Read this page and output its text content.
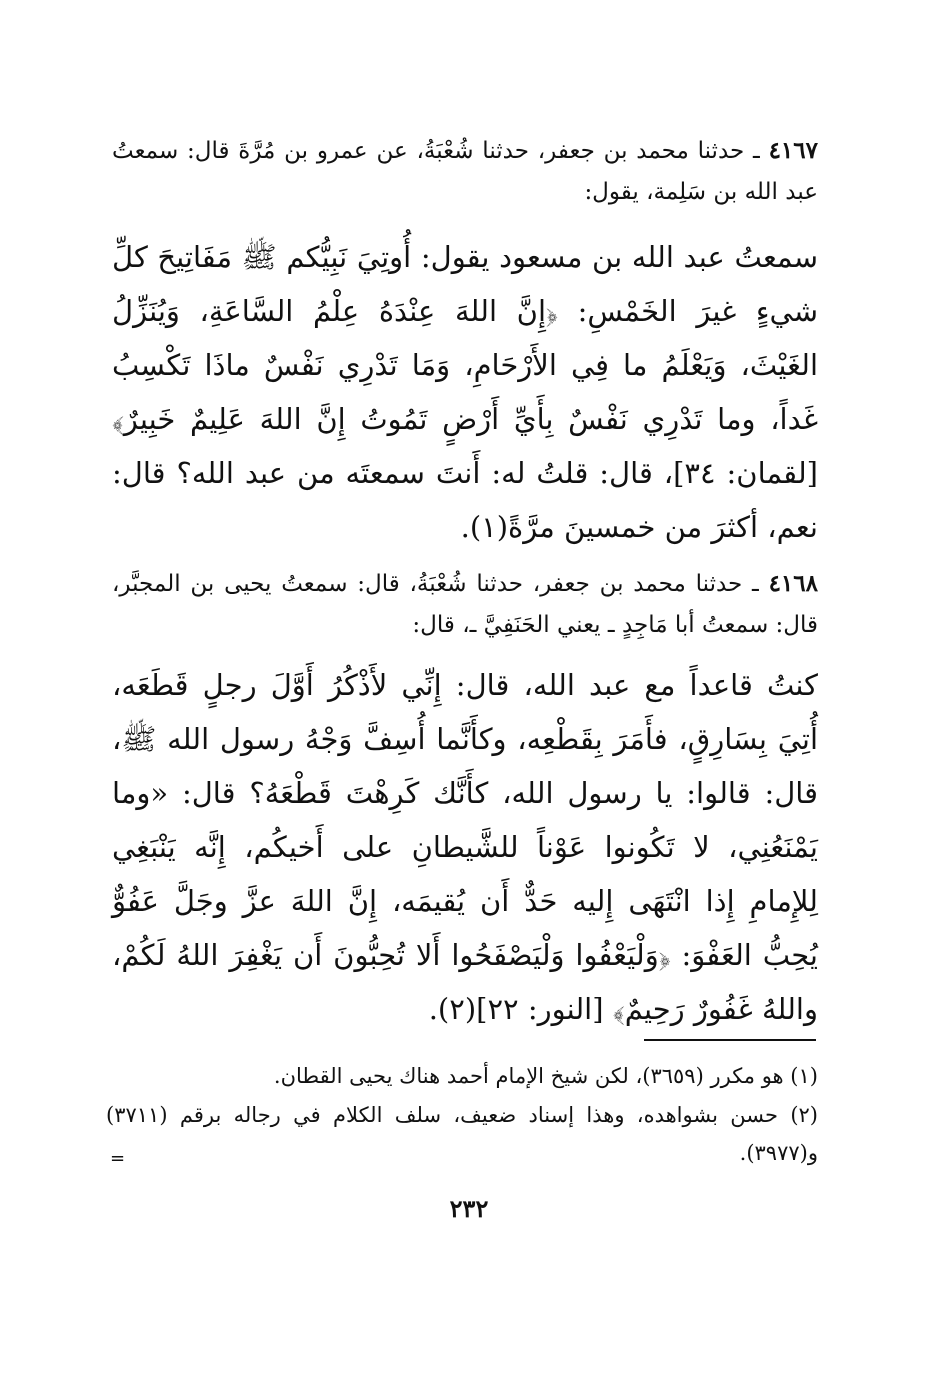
٤١٦٧ ـ حدثنا محمد بن جعفر، حدثنا شُعْبَةُ، عن عمرو بن مُرَّةَ قال: سمعتُ عبد الله بن سَلِمة، يقول:
سمعتُ عبد الله بن مسعود يقول: أُوتِيَ نَبِيُّكم ﷺ مَفَاتِيحَ كلِّ شيءٍ غيرَ الخَمْسِ: ﴿إِنَّ اللهَ عِنْدَهُ عِلْمُ السَّاعَةِ، وَيُنَزِّلُ الغَيْثَ، وَيَعْلَمُ ما فِي الأَرْحَامِ، وَمَا تَدْرِي نَفْسٌ ماذَا تَكْسِبُ غَداً، وما تَدْرِي نَفْسٌ بِأَيِّ أَرْضٍ تَمُوتُ إِنَّ اللهَ عَلِيمٌ خَبِيرٌ﴾ [لقمان: ٣٤]، قال: قلتُ له: أَنتَ سمعتَه من عبد الله؟ قال: نعم، أكثرَ من خمسينَ مرَّةً(١).
٤١٦٨ ـ حدثنا محمد بن جعفر، حدثنا شُعْبَةُ، قال: سمعتُ يحيى بن المجبَّر، قال: سمعتُ أبا مَاجِدٍ ـ يعني الحَنَفِيَّ ـ، قال:
كنتُ قاعداً مع عبد الله، قال: إِنِّي لأَذْكُرُ أَوَّلَ رجلٍ قَطَعَه، أُتِيَ بِسَارِقٍ، فأَمَرَ بِقَطْعِه، وكأَنَّما أُسِفَّ وَجْهُ رسول الله ﷺ، قال: قالوا: يا رسول الله، كأَنَّك كَرِهْتَ قَطْعَهُ؟ قال: «وما يَمْنَعُنِي، لا تَكُونوا عَوْناً للشَّيطانِ على أَخيكُم، إِنَّه يَنْبَغِي لِلإِمامِ إِذا انْتَهَى إِليه حَدٌّ أَن يُقيمَه، إِنَّ اللهَ عزَّ وجَلَّ عَفُوٌّ يُحِبُّ العَفْوَ: ﴿وَلْيَعْفُوا وَلْيَصْفَحُوا أَلا تُحِبُّونَ أَن يَغْفِرَ اللهُ لَكُمْ، واللهُ غَفُورٌ رَحِيمٌ﴾ [النور: ٢٢](٢).
(١) هو مكرر (٣٦٥٩)، لكن شيخ الإمام أحمد هناك يحيى القطان.
(٢) حسن بشواهده، وهذا إسناد ضعيف، سلف الكلام في رجاله برقم (٣٧١١) و(٣٩٧٧).
=
٢٣٢
